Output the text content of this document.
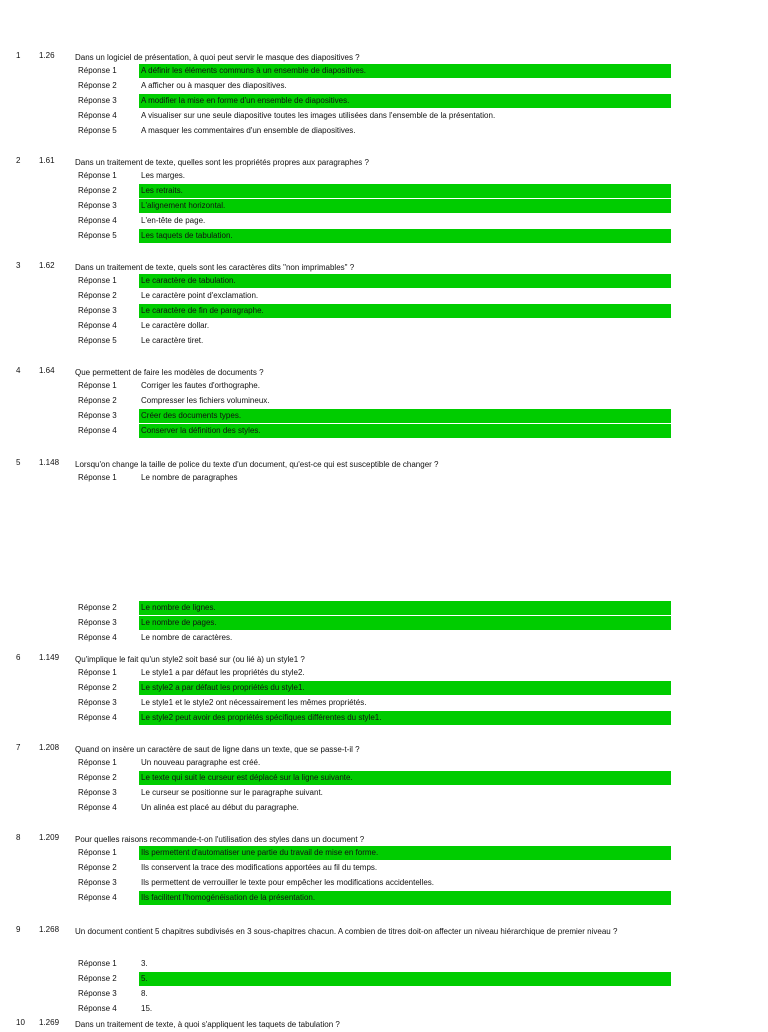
1 1.26	Dans un logiciel de présentation, à quoi peut servir le masque des diapositives ?
Réponse 1	A définir les éléments communs à un ensemble de diapositives.
Réponse 2	A afficher ou à masquer des diapositives.
Réponse 3	A modifier la mise en forme d'un ensemble de diapositives.
Réponse 4	A visualiser sur une seule diapositive toutes les images utilisées dans l'ensemble de la présentation.
Réponse 5	A masquer les commentaires d'un ensemble de diapositives.
2 1.61	Dans un traitement de texte, quelles sont les propriétés propres aux paragraphes ?
Réponse 1	Les marges.
Réponse 2	Les retraits.
Réponse 3	L'alignement horizontal.
Réponse 4	L'en-tête de page.
Réponse 5	Les taquets de tabulation.
3 1.62	Dans un traitement de texte, quels sont les caractères dits "non imprimables" ?
Réponse 1	Le caractère de tabulation.
Réponse 2	Le caractère point d'exclamation.
Réponse 3	Le caractère de fin de paragraphe.
Réponse 4	Le caractère dollar.
Réponse 5	Le caractère tiret.
4 1.64	Que permettent de faire les modèles de documents ?
Réponse 1	Corriger les fautes d'orthographe.
Réponse 2	Compresser les fichiers volumineux.
Réponse 3	Créer des documents types.
Réponse 4	Conserver la définition des styles.
5 1.148 Lorsqu'on change la taille de police du texte d'un document, qu'est-ce qui est susceptible de changer ?
Réponse 1	Le nombre de paragraphes
Réponse 2	Le nombre de lignes.
Réponse 3	Le nombre de pages.
Réponse 4	Le nombre de caractères.
6 1.149 Qu'implique le fait qu'un style2 soit basé sur (ou lié à) un style1 ?
Réponse 1	Le style1 a par défaut les propriétés du style2.
Réponse 2	Le style2 a par défaut les propriétés du style1.
Réponse 3	Le style1 et le style2 ont nécessairement les mêmes propriétés.
Réponse 4	Le style2 peut avoir des propriétés spécifiques différentes du style1.
7 1.208 Quand on insère un caractère de saut de ligne dans un texte, que se passe-t-il ?
Réponse 1	Un nouveau paragraphe est créé.
Réponse 2	Le texte qui suit le curseur est déplacé sur la ligne suivante.
Réponse 3	Le curseur se positionne sur le paragraphe suivant.
Réponse 4	Un alinéa est placé au début du paragraphe.
8 1.209 Pour quelles raisons recommande-t-on l'utilisation des styles dans un document ?
Réponse 1	Ils permettent d'automatiser une partie du travail de mise en forme.
Réponse 2	Ils conservent la trace des modifications apportées au fil du temps.
Réponse 3	Ils permettent de verrouiller le texte pour empêcher les modifications accidentelles.
Réponse 4	Ils facilitent l'homogénéisation de la présentation.
9 1.268 Un document contient 5 chapitres subdivisés en 3 sous-chapitres chacun. A combien de titres doit-on affecter un niveau hiérarchique de premier niveau ?
Réponse 1	3.
Réponse 2	5.
Réponse 3	8.
Réponse 4	15.
10 1.269 Dans un traitement de texte, à quoi s'appliquent les taquets de tabulation ?
